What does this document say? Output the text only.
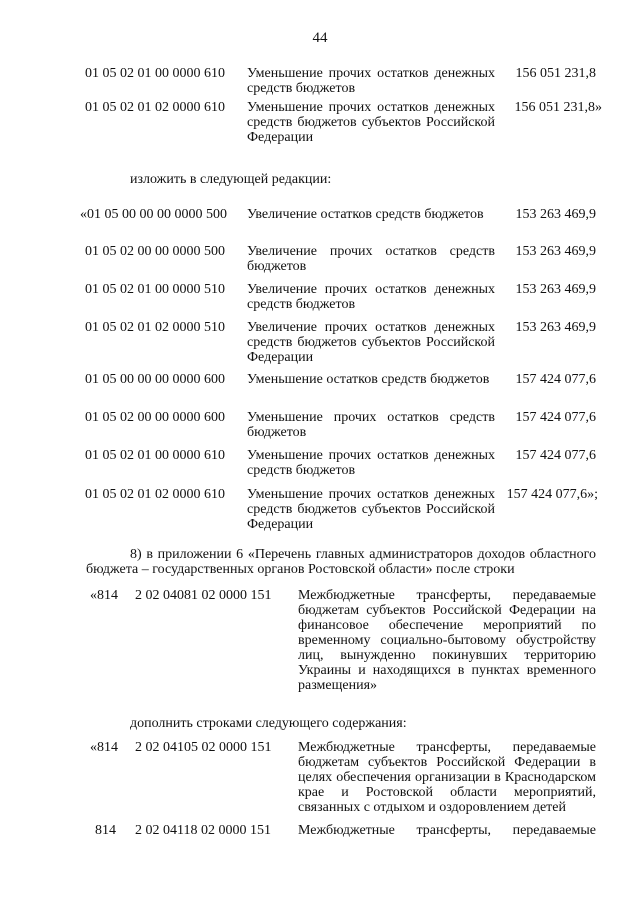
44
01 05 02 01 00 0000 610 Уменьшение прочих остатков денежных средств бюджетов
156 051 231,8
01 05 02 01 02 0000 610 Уменьшение прочих остатков денежных средств бюджетов субъектов Российской Федерации
156 051 231,8»
изложить в следующей редакции:
«01 05 00 00 00 0000 500 Увеличение остатков средств бюджетов	153 263 469,9
01 05 02 00 00 0000 500 Увеличение прочих остатков средств бюджетов
153 263 469,9
01 05 02 01 00 0000 510 Увеличение прочих остатков денежных средств бюджетов
153 263 469,9
01 05 02 01 02 0000 510 Увеличение прочих остатков денежных средств бюджетов субъектов Российской Федерации
153 263 469,9
01 05 00 00 00 0000 600 Уменьшение остатков средств бюджетов	157 424 077,6
01 05 02 00 00 0000 600 Уменьшение прочих остатков средств бюджетов
157 424 077,6
01 05 02 01 00 0000 610 Уменьшение прочих остатков денежных средств бюджетов
157 424 077,6
01 05 02 01 02 0000 610 Уменьшение прочих остатков денежных средств бюджетов субъектов Российской Федерации
157 424 077,6»;
8) в приложении 6 «Перечень главных администраторов доходов областного бюджета – государственных органов Ростовской области» после строки
«814 2 02 04081 02 0000 151 Межбюджетные трансферты, передаваемые бюджетам субъектов Российской Федерации на финансовое обеспечение мероприятий по временному социально-бытовому обустройству лиц, вынужденно покинувших территорию Украины и находящихся в пунктах временного размещения»
дополнить строками следующего содержания:
«814 2 02 04105 02 0000 151 Межбюджетные трансферты, передаваемые бюджетам субъектов Российской Федерации в целях обеспечения организации в Краснодарском крае и Ростовской области мероприятий, связанных с отдыхом и оздоровлением детей
814 2 02 04118 02 0000 151 Межбюджетные трансферты, передаваемые
